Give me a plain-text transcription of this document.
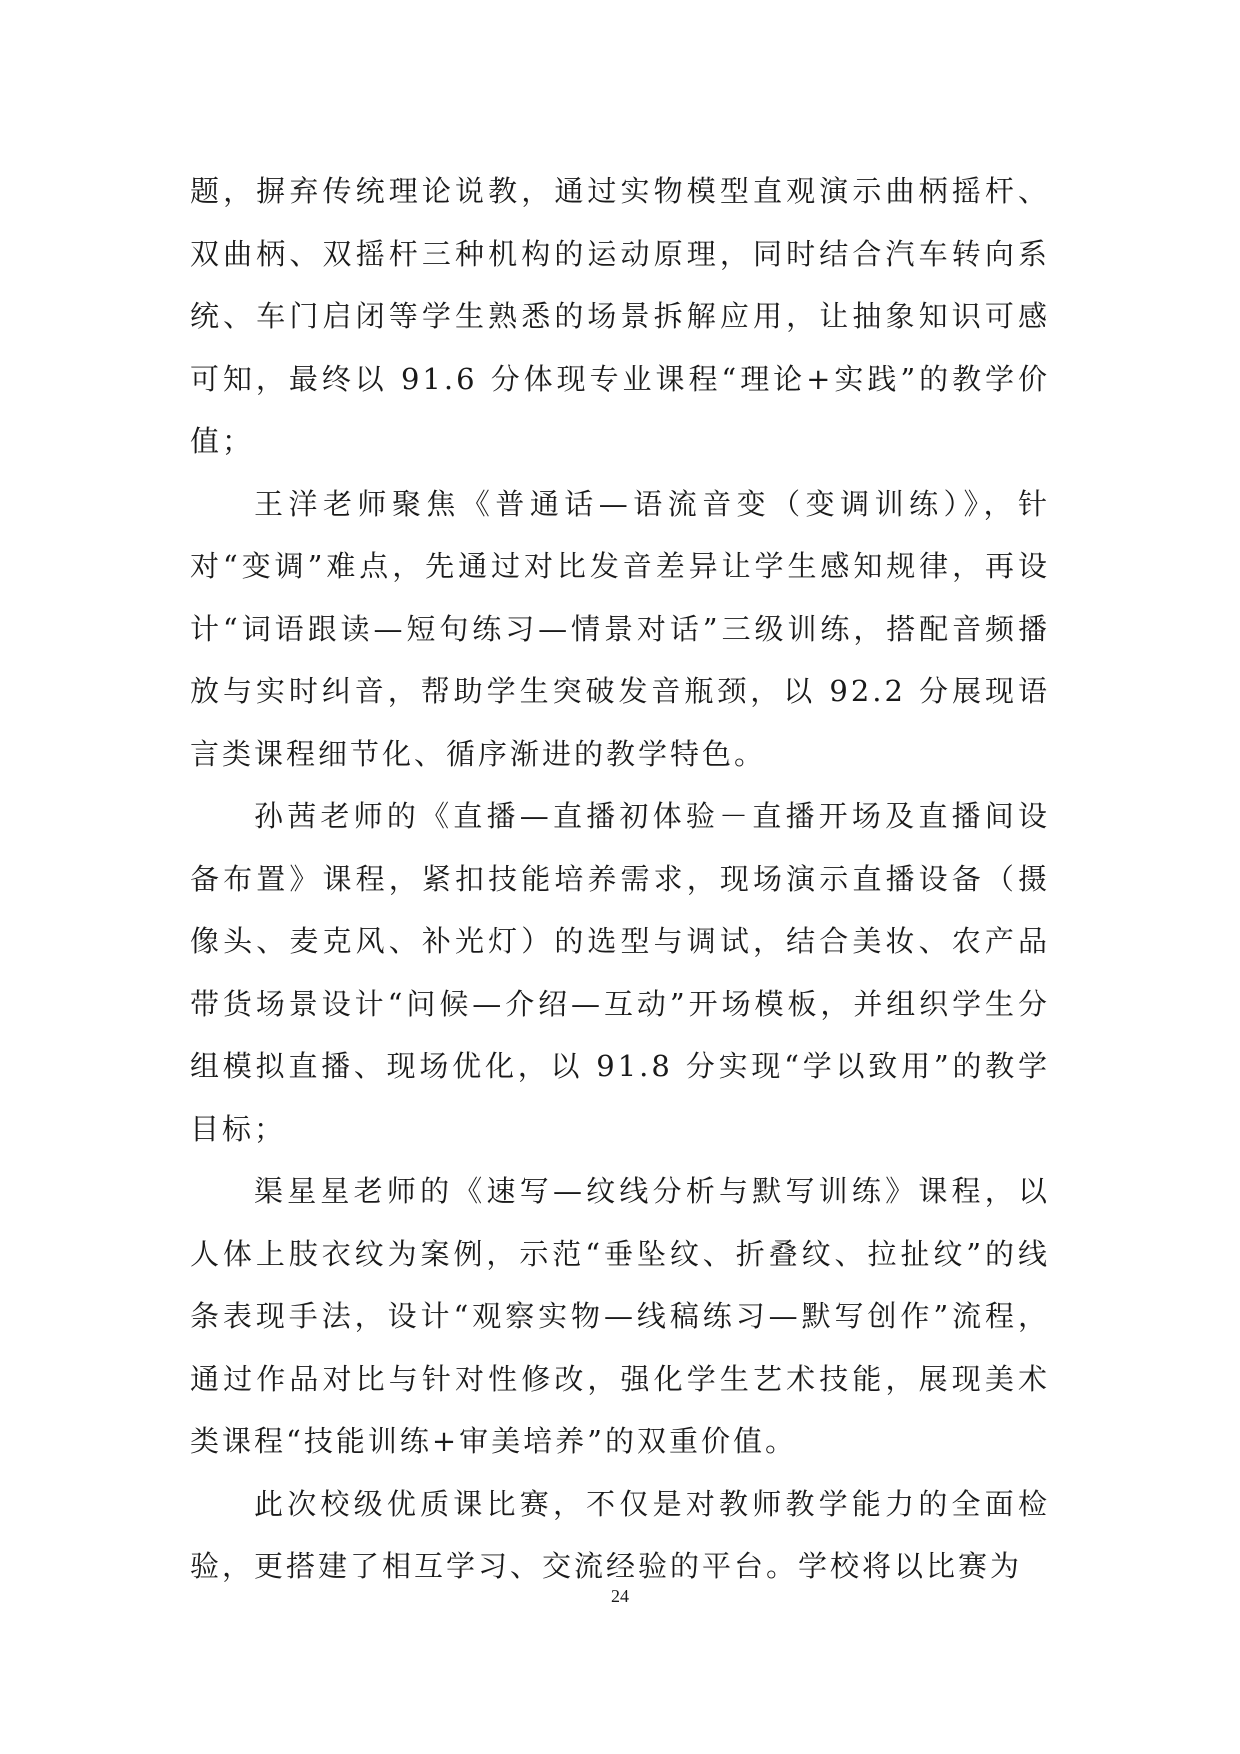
题，摒弃传统理论说教，通过实物模型直观演示曲柄摇杆、双曲柄、双摇杆三种机构的运动原理，同时结合汽车转向系统、车门启闭等学生熟悉的场景拆解应用，让抽象知识可感可知，最终以 91.6 分体现专业课程“理论+实践”的教学价值；

王洋老师聚焦《普通话—语流音变（变调训练）》，针对“变调”难点，先通过对比发音差异让学生感知规律，再设计“词语跟读—短句练习—情景对话”三级训练，搭配音频播放与实时纠音，帮助学生突破发音瓶颈，以 92.2 分展现语言类课程细节化、循序渐进的教学特色。

孙茜老师的《直播—直播初体验－直播开场及直播间设备布置》课程，紧扣技能培养需求，现场演示直播设备（摄像头、麦克风、补光灯）的选型与调试，结合美妆、农产品带货场景设计“问候—介绍—互动”开场模板，并组织学生分组模拟直播、现场优化，以 91.8 分实现“学以致用”的教学目标；

渠星星老师的《速写—纹线分析与默写训练》课程，以人体上肢衣纹为案例，示范“垂坠纹、折叠纹、拉扯纹”的线条表现手法，设计“观察实物—线稿练习—默写创作”流程，通过作品对比与针对性修改，强化学生艺术技能，展现美术类课程“技能训练+审美培养”的双重价值。

此次校级优质课比赛，不仅是对教师教学能力的全面检验，更搭建了相互学习、交流经验的平台。学校将以比赛为

24
